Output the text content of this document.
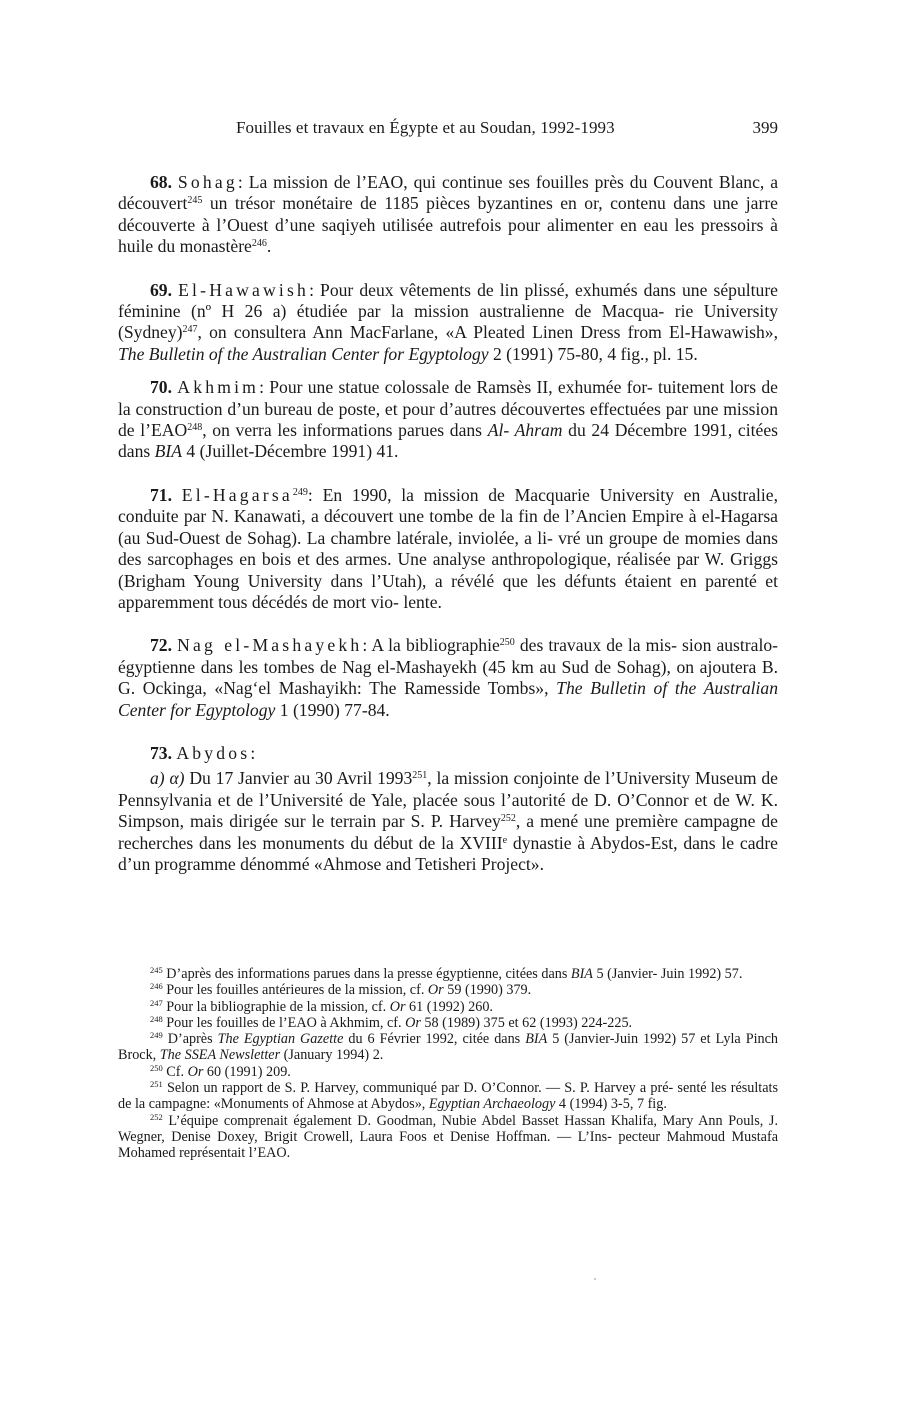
Fouilles et travaux en Égypte et au Soudan, 1992-1993	399

68. Sohag: La mission de l’EAO, qui continue ses fouilles près du Couvent Blanc, a découvert$^{245}$ un trésor monétaire de 1185 pièces byzantines en or, contenu dans une jarre découverte à l’Ouest d’une saqiyeh utilisée autrefois pour alimenter en eau les pressoirs à huile du monastère$^{246}$.

69. El-Hawawish: Pour deux vêtements de lin plissé, exhumés dans une sépulture féminine (nº H 26 a) étudiée par la mission australienne de Macqua- rie University (Sydney)$^{247}$, on consultera Ann MacFarlane, «A Pleated Linen Dress from El-Hawawish», The Bulletin of the Australian Center for Egyptology 2 (1991) 75-80, 4 fig., pl. 15.

70. Akhmim: Pour une statue colossale de Ramsès II, exhumée for- tuitement lors de la construction d’un bureau de poste, et pour d’autres découvertes effectuées par une mission de l’EAO$^{248}$, on verra les informations parues dans Al- Ahram du 24 Décembre 1991, citées dans BIA 4 (Juillet-Décembre 1991) 41.

71. El-Hagarsa$^{249}$: En 1990, la mission de Macquarie University en Australie, conduite par N. Kanawati, a découvert une tombe de la fin de l’Ancien Empire à el-Hagarsa (au Sud-Ouest de Sohag). La chambre latérale, inviolée, a li- vré un groupe de momies dans des sarcophages en bois et des armes. Une analyse anthropologique, réalisée par W. Griggs (Brigham Young University dans l’Utah), a révélé que les défunts étaient en parenté et apparemment tous décédés de mort vio- lente.

72. Nag el-Mashayekh: A la bibliographie$^{250}$ des travaux de la mis- sion australo-égyptienne dans les tombes de Nag el-Mashayekh (45 km au Sud de Sohag), on ajoutera B. G. Ockinga, «Nag‘el Mashayikh: The Ramesside Tombs», The Bulletin of the Australian Center for Egyptology 1 (1990) 77-84.

73. Abydos:

a) α) Du 17 Janvier au 30 Avril 1993$^{251}$, la mission conjointe de l’University Museum de Pennsylvania et de l’Université de Yale, placée sous l’autorité de D. O’Connor et de W. K. Simpson, mais dirigée sur le terrain par S. P. Harvey$^{252}$, a mené une première campagne de recherches dans les monuments du début de la XVIIIe dynastie à Abydos-Est, dans le cadre d’un programme dénommé «Ahmose and Tetisheri Project».

$^{245}$ D’après des informations parues dans la presse égyptienne, citées dans BIA 5 (Janvier- Juin 1992) 57.

$^{246}$ Pour les fouilles antérieures de la mission, cf. Or 59 (1990) 379.

$^{247}$ Pour la bibliographie de la mission, cf. Or 61 (1992) 260.

$^{248}$ Pour les fouilles de l’EAO à Akhmim, cf. Or 58 (1989) 375 et 62 (1993) 224-225.

$^{249}$ D’après The Egyptian Gazette du 6 Février 1992, citée dans BIA 5 (Janvier-Juin 1992) 57 et Lyla Pinch Brock, The SSEA Newsletter (January 1994) 2.

$^{250}$ Cf. Or 60 (1991) 209.

$^{251}$ Selon un rapport de S. P. Harvey, communiqué par D. O’Connor. — S. P. Harvey a pré- senté les résultats de la campagne: «Monuments of Ahmose at Abydos», Egyptian Archaeology 4 (1994) 3-5, 7 fig.

$^{252}$ L’équipe comprenait également D. Goodman, Nubie Abdel Basset Hassan Khalifa, Mary Ann Pouls, J. Wegner, Denise Doxey, Brigit Crowell, Laura Foos et Denise Hoffman. — L’Ins- pecteur Mahmoud Mustafa Mohamed représentait l’EAO.
